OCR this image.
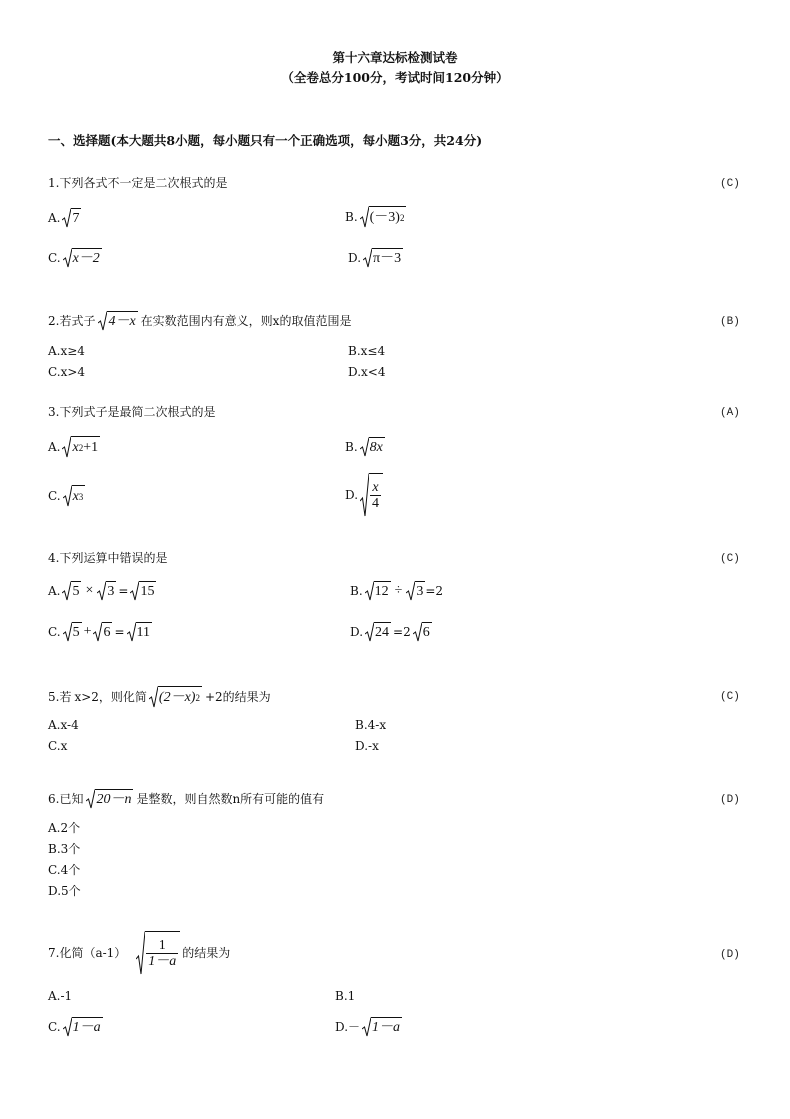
第十六章达标检测试卷
（全卷总分100分，考试时间120分钟）
一、选择题(本大题共8小题，每小题只有一个正确选项，每小题3分，共24分)
1.下列各式不一定是二次根式的是	(C)
A. 7	B. (－3) 2
C. x－2	D. π－3
2.若式子 4－x 在实数范围内有意义，则x的取值范围是	(B)
A.x≥4	B.x≤4
C.x>4	D.x<4
3.下列式子是最简二次根式的是	(A)
A. x 2 +1	B. 8x
C. x 3	D. $\frac{x}{4}$
4.下列运算中错误的是	(C)
A. 5 × 3 = 15	B. 12 ÷ 3 =2
C. 5 + 6 = 11	D. 24 =2 6
5.若 x>2，则化简 (2－x) 2 +2的结果为	(C)
A.x-4	B.4-x
C.x	D.-x
6.已知 20－n 是整数，则自然数n所有可能的值有	(D)
A.2个
B.3个
C.4个
D.5个
7.化简$(a-1) \frac{1}{1-a}$ 的结果为	(D)
A.-1	B.1
C. 1－a	D.－ 1－a
